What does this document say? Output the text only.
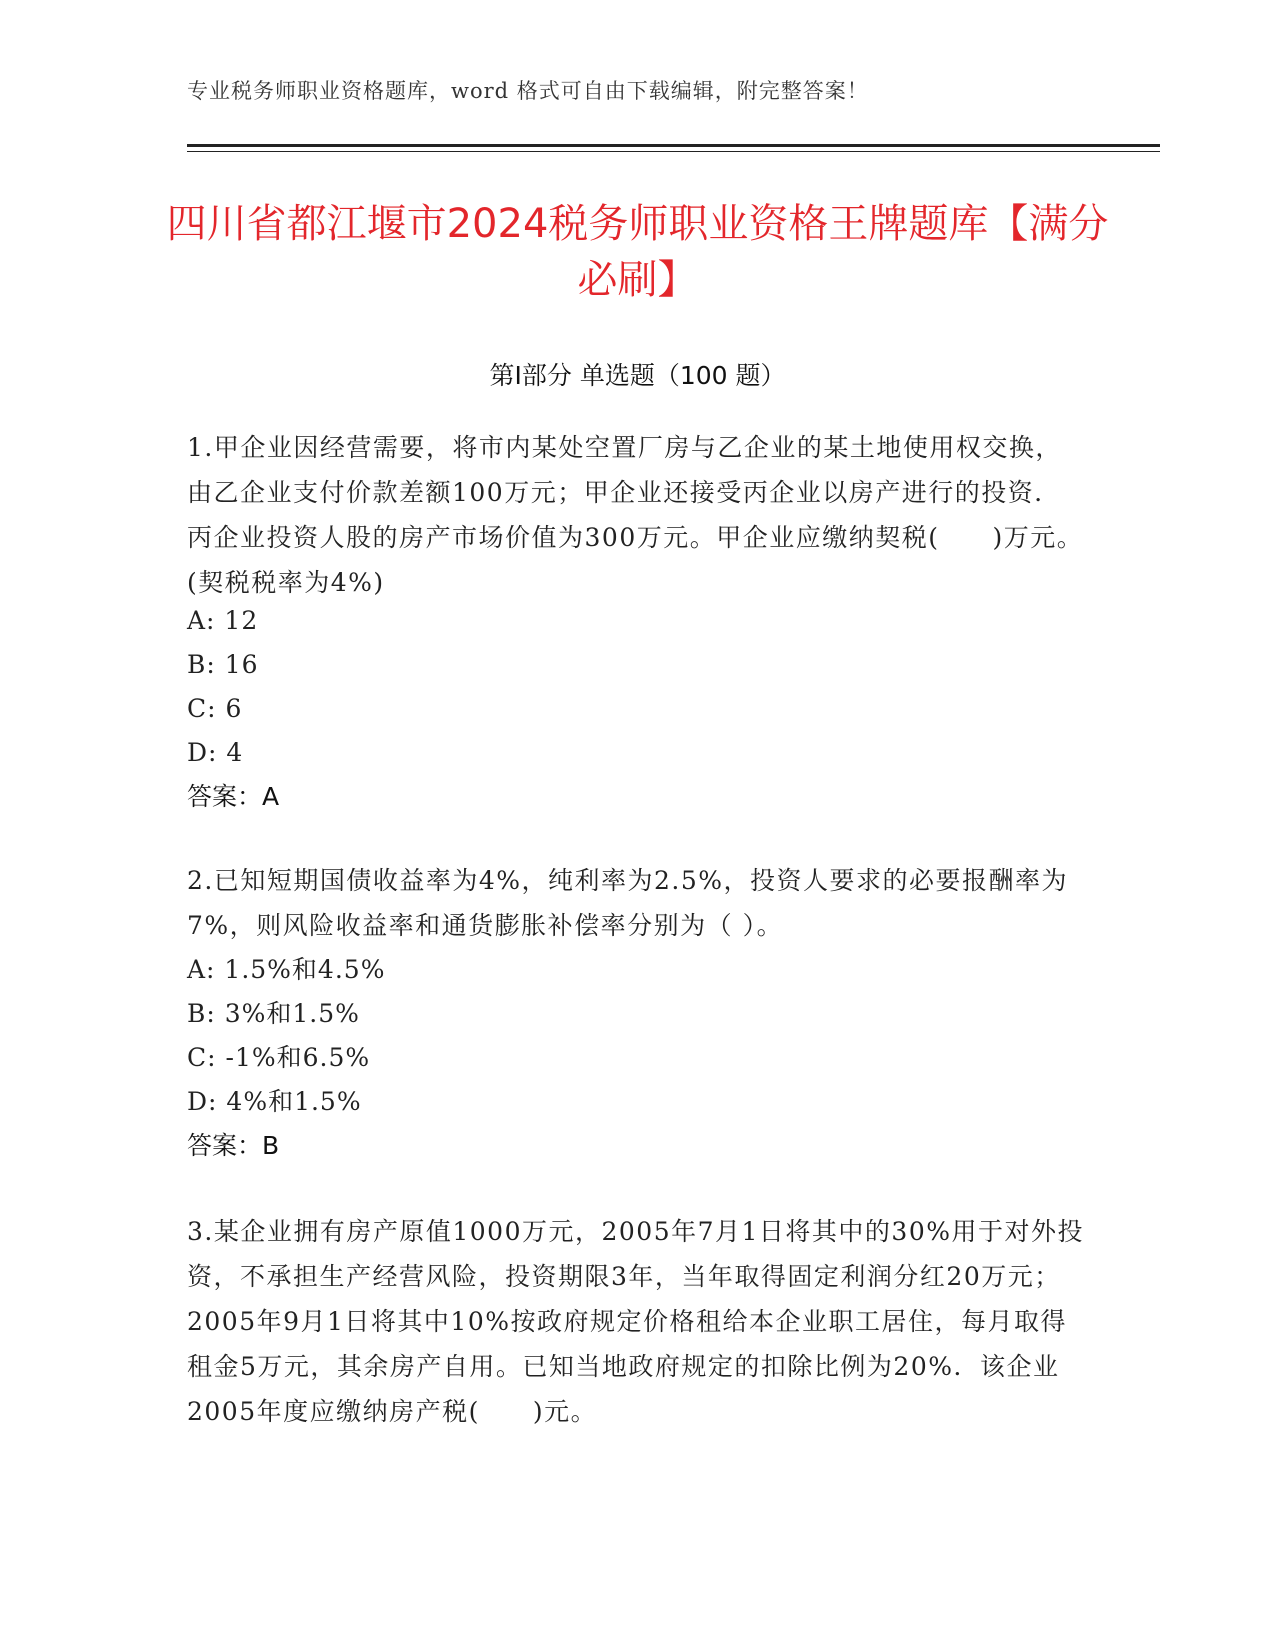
专业税务师职业资格题库，word 格式可自由下载编辑，附完整答案！
四川省都江堰市2024税务师职业资格王牌题库【满分必刷】
第Ⅰ部分 单选题（100 题）

1.甲企业因经营需要，将市内某处空置厂房与乙企业的某土地使用权交换，由乙企业支付价款差额100万元；甲企业还接受丙企业以房产进行的投资．丙企业投资人股的房产市场价值为300万元。甲企业应缴纳契税(　　)万元。(契税税率为4%)

A: 12
B: 16
C: 6
D: 4
答案：A

2.已知短期国债收益率为4%，纯利率为2.5%，投资人要求的必要报酬率为7%，则风险收益率和通货膨胀补偿率分别为（ ）。

A: 1.5%和4.5%
B: 3%和1.5%
C: -1%和6.5%
D: 4%和1.5%
答案：B

3.某企业拥有房产原值1000万元，2005年7月1日将其中的30%用于对外投资，不承担生产经营风险，投资期限3年，当年取得固定利润分红20万元；2005年9月1日将其中10%按政府规定价格租给本企业职工居住，每月取得租金5万元，其余房产自用。已知当地政府规定的扣除比例为20%．该企业2005年度应缴纳房产税(　　)元。
